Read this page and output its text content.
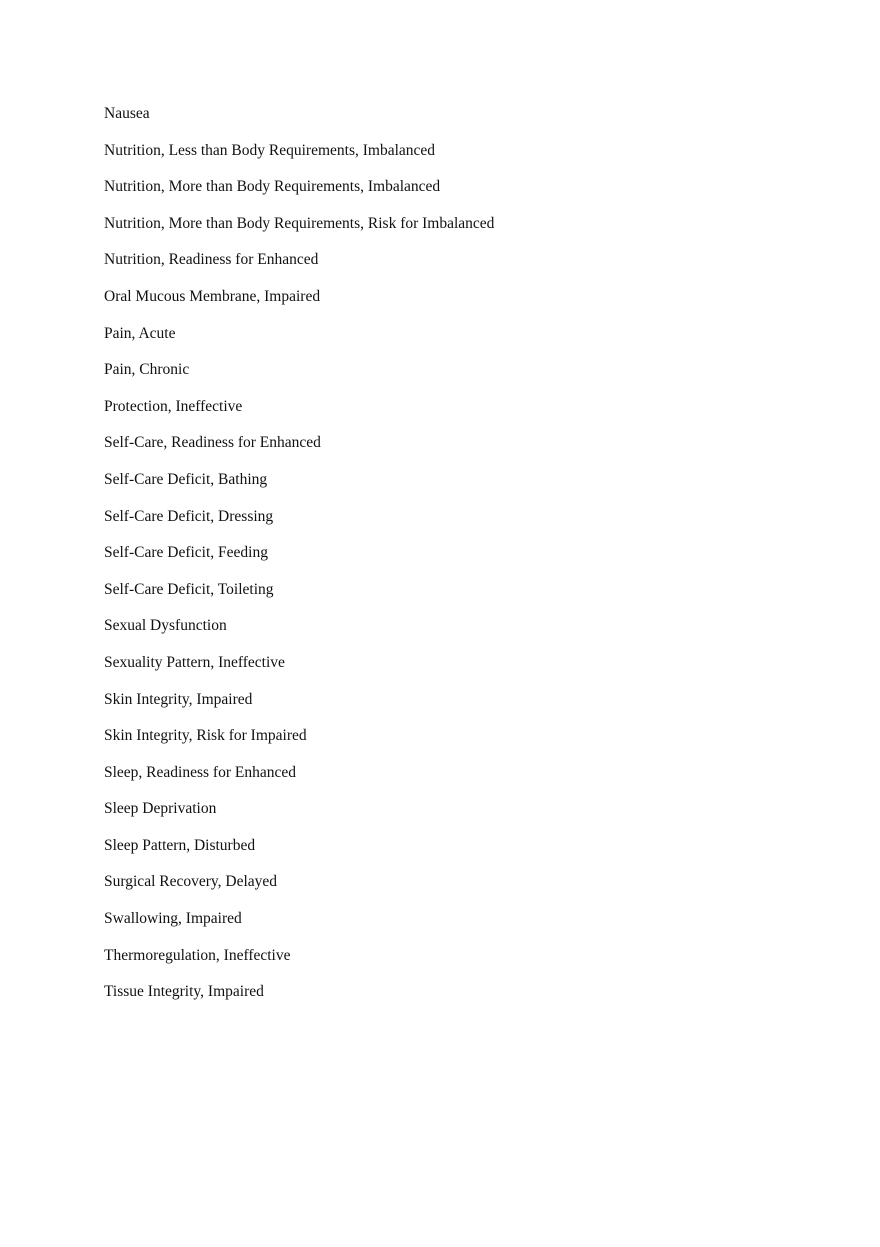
Nausea
Nutrition, Less than Body Requirements, Imbalanced
Nutrition, More than Body Requirements, Imbalanced
Nutrition, More than Body Requirements, Risk for Imbalanced
Nutrition, Readiness for Enhanced
Oral Mucous Membrane, Impaired
Pain, Acute
Pain, Chronic
Protection, Ineffective
Self-Care, Readiness for Enhanced
Self-Care Deficit, Bathing
Self-Care Deficit, Dressing
Self-Care Deficit, Feeding
Self-Care Deficit, Toileting
Sexual Dysfunction
Sexuality Pattern, Ineffective
Skin Integrity, Impaired
Skin Integrity, Risk for Impaired
Sleep, Readiness for Enhanced
Sleep Deprivation
Sleep Pattern, Disturbed
Surgical Recovery, Delayed
Swallowing, Impaired
Thermoregulation, Ineffective
Tissue Integrity, Impaired
